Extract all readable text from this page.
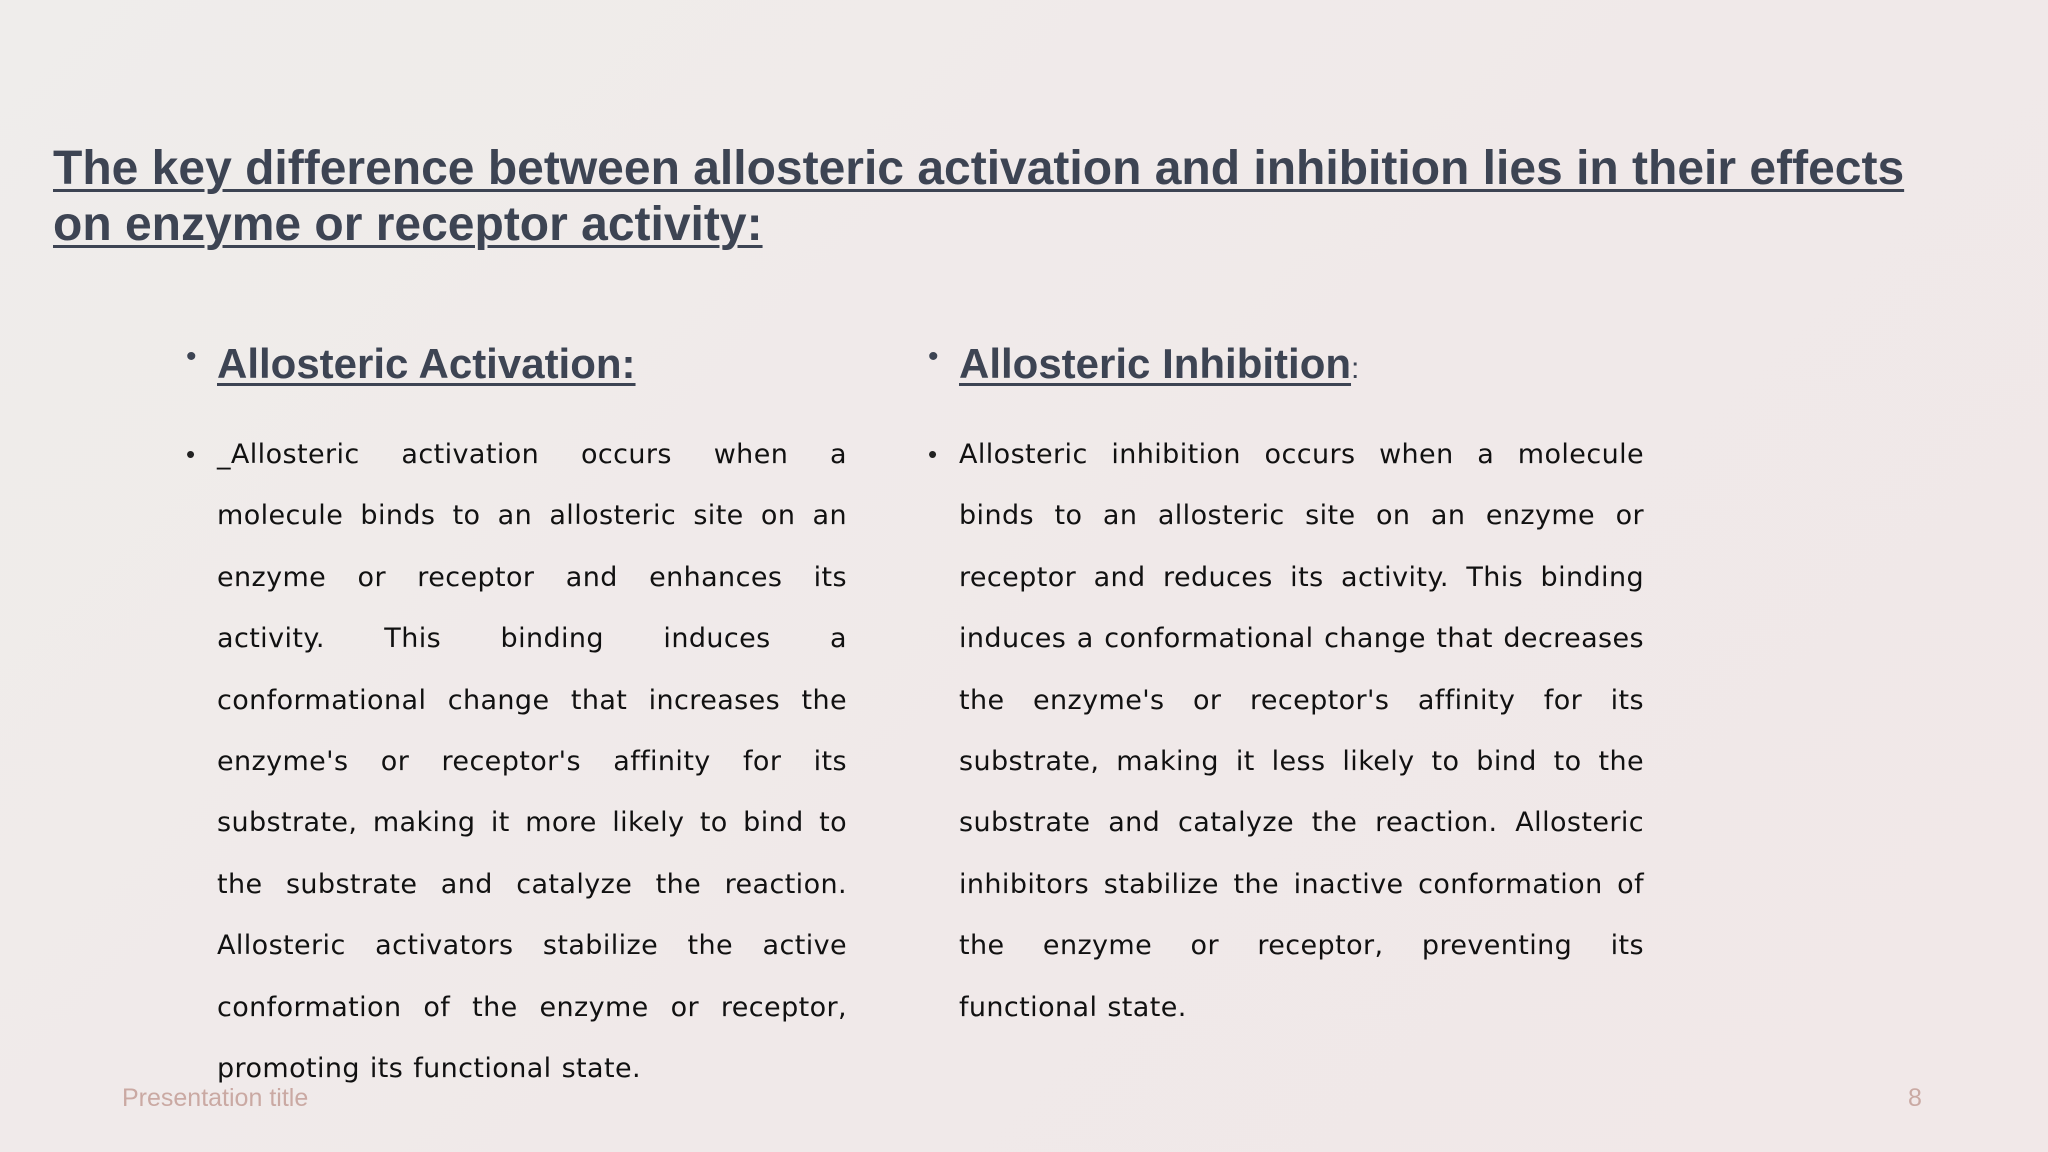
The key difference between allosteric activation and inhibition lies in their effects on enzyme or receptor activity:
• Allosteric Activation:
• _Allosteric activation occurs when a molecule binds to an allosteric site on an enzyme or receptor and enhances its activity. This binding induces a conformational change that increases the enzyme's or receptor's affinity for its substrate, making it more likely to bind to the substrate and catalyze the reaction. Allosteric activators stabilize the active conformation of the enzyme or receptor, promoting its functional state.

• Allosteric Inhibition:
• Allosteric inhibition occurs when a molecule binds to an allosteric site on an enzyme or receptor and reduces its activity. This binding induces a conformational change that decreases the enzyme's or receptor's affinity for its substrate, making it less likely to bind to the substrate and catalyze the reaction. Allosteric inhibitors stabilize the inactive conformation of the enzyme or receptor, preventing its functional state.

Presentation title	8
